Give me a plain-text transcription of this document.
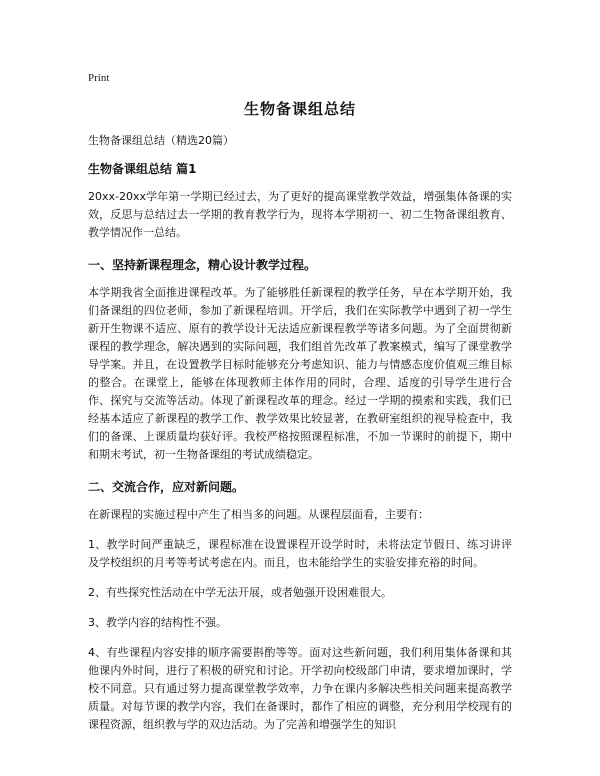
Print
生物备课组总结

生物备课组总结（精选20篇）

生物备课组总结 篇1

20xx-20xx学年第一学期已经过去，为了更好的提高课堂教学效益，增强集体备课的实效，反思与总结过去一学期的教育教学行为，现将本学期初一、初二生物备课组教育、教学情况作一总结。

一、坚持新课程理念，精心设计教学过程。

本学期我省全面推进课程改革。为了能够胜任新课程的教学任务，早在本学期开始，我们备课组的四位老师，参加了新课程培训。开学后，我们在实际教学中遇到了初一学生新开生物课不适应、原有的教学设计无法适应新课程教学等诸多问题。为了全面贯彻新课程的教学理念，解决遇到的实际问题，我们组首先改革了教案模式，编写了课堂教学导学案。并且，在设置教学目标时能够充分考虑知识、能力与情感态度价值观三维目标的整合。在课堂上，能够在体现教师主体作用的同时，合理、适度的引导学生进行合作、探究与交流等活动。体现了新课程改革的理念。经过一学期的摸索和实践，我们已经基本适应了新课程的教学工作、教学效果比较显著，在教研室组织的视导检查中，我们的备课、上课质量均获好评。我校严格按照课程标准，不加一节课时的前提下，期中和期末考试，初一生物备课组的考试成绩稳定。

二、交流合作，应对新问题。

在新课程的实施过程中产生了相当多的问题。从课程层面看，主要有：

1、教学时间严重缺乏，课程标准在设置课程开设学时时，未将法定节假日、练习讲评及学校组织的月考等考试考虑在内。而且，也未能给学生的实验安排充裕的时间。

2、有些探究性活动在中学无法开展，或者勉强开设困难很大。

3、教学内容的结构性不强。

4、有些课程内容安排的顺序需要斟酌等等。面对这些新问题，我们利用集体备课和其他课内外时间，进行了积极的研究和讨论。开学初向校级部门申请，要求增加课时，学校不同意。只有通过努力提高课堂教学效率，力争在课内多解决些相关问题来提高教学质量。对每节课的教学内容，我们在备课时，都作了相应的调整，充分利用学校现有的课程资源，组织教与学的双边活动。为了完善和增强学生的知识
